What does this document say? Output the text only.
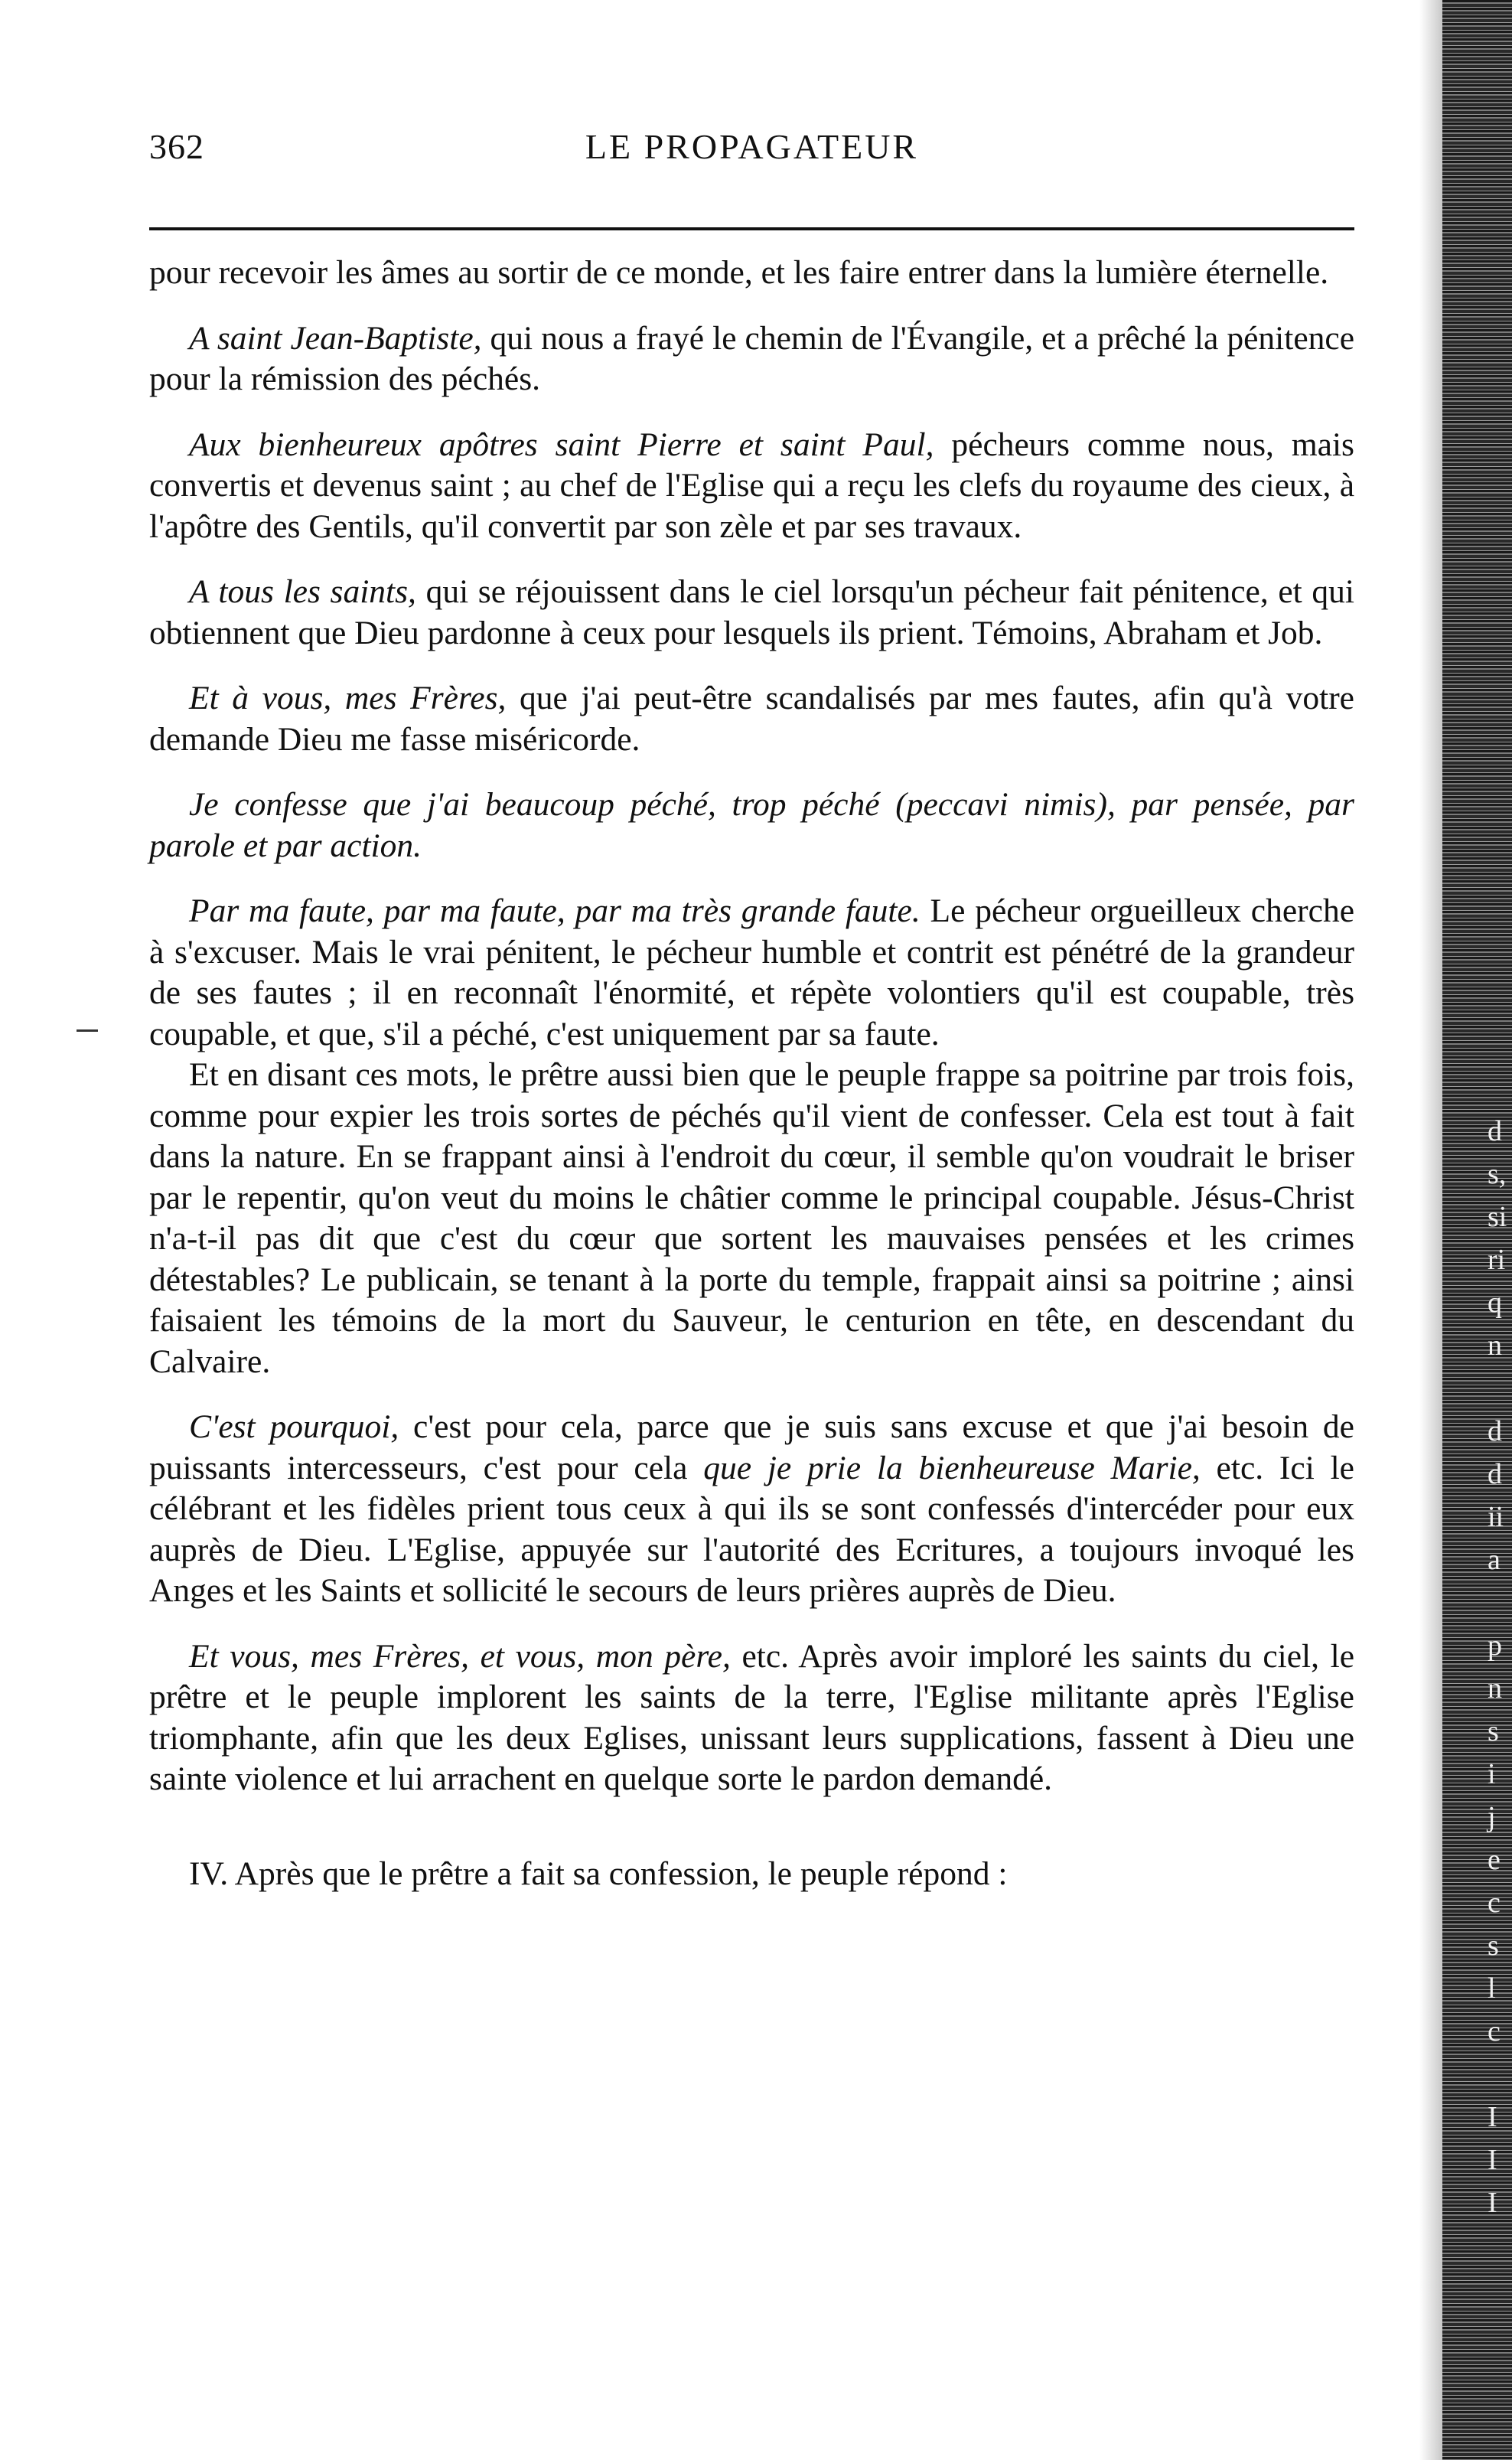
362	LE PROPAGATEUR

pour recevoir les âmes au sortir de ce monde, et les faire entrer dans la lumière éternelle.

A saint Jean-Baptiste, qui nous a frayé le chemin de l'Évangile, et a prêché la pénitence pour la rémission des péchés.

Aux bienheureux apôtres saint Pierre et saint Paul, pécheurs comme nous, mais convertis et devenus saint ; au chef de l'Eglise qui a reçu les clefs du royaume des cieux, à l'apôtre des Gentils, qu'il convertit par son zèle et par ses travaux.

A tous les saints, qui se réjouissent dans le ciel lorsqu'un pécheur fait pénitence, et qui obtiennent que Dieu pardonne à ceux pour lesquels ils prient. Témoins, Abraham et Job.

Et à vous, mes Frères, que j'ai peut-être scandalisés par mes fautes, afin qu'à votre demande Dieu me fasse miséricorde.

Je confesse que j'ai beaucoup péché, trop péché (peccavi nimis), par pensée, par parole et par action.

Par ma faute, par ma faute, par ma très grande faute. Le pécheur orgueilleux cherche à s'excuser. Mais le vrai pénitent, le pécheur humble et contrit est pénétré de la grandeur de ses fautes ; il en reconnaît l'énormité, et répète volontiers qu'il est coupable, très coupable, et que, s'il a péché, c'est uniquement par sa faute.

Et en disant ces mots, le prêtre aussi bien que le peuple frappe sa poitrine par trois fois, comme pour expier les trois sortes de péchés qu'il vient de confesser. Cela est tout à fait dans la nature. En se frappant ainsi à l'endroit du cœur, il semble qu'on voudrait le briser par le repentir, qu'on veut du moins le châtier comme le principal coupable. Jésus-Christ n'a-t-il pas dit que c'est du cœur que sortent les mauvaises pensées et les crimes détestables? Le publicain, se tenant à la porte du temple, frappait ainsi sa poitrine ; ainsi faisaient les témoins de la mort du Sauveur, le centurion en tête, en descendant du Calvaire.

C'est pourquoi, c'est pour cela, parce que je suis sans excuse et que j'ai besoin de puissants intercesseurs, c'est pour cela que je prie la bienheureuse Marie, etc. Ici le célébrant et les fidèles prient tous ceux à qui ils se sont confessés d'intercéder pour eux auprès de Dieu. L'Eglise, appuyée sur l'autorité des Ecritures, a toujours invoqué les Anges et les Saints et sollicité le secours de leurs prières auprès de Dieu.

Et vous, mes Frères, et vous, mon père, etc. Après avoir imploré les saints du ciel, le prêtre et le peuple implorent les saints de la terre, l'Eglise militante après l'Eglise triomphante, afin que les deux Eglises, unissant leurs supplications, fassent à Dieu une sainte violence et lui arrachent en quelque sorte le pardon demandé.

IV. Après que le prêtre a fait sa confession, le peuple répond :

d
s,
si
ri
q
n

d
d
ii
a

p
n
s
i
j
e
c
s
l
c

I
I
I
